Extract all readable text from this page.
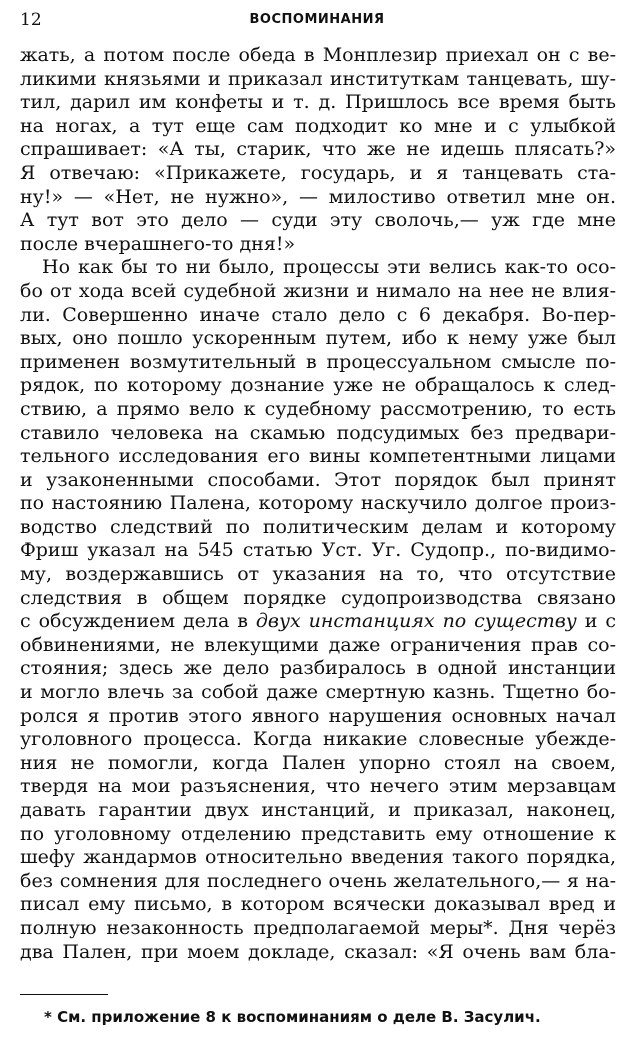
12	ВОСПОМИНАНИЯ
жать, а потом после обеда в Монплезир приехал он с ве-
ликими князьями и приказал институткам танцевать, шу-
тил, дарил им конфеты и т. д. Пришлось все время быть
на ногах, а тут еще сам подходит ко мне и с улыбкой
спрашивает: «А ты, старик, что же не идешь плясать?»
Я отвечаю: «Прикажете, государь, и я танцевать ста-
ну!» — «Нет, не нужно», — милостиво ответил мне он.
А тут вот это дело — суди эту сволочь,— уж где мне
после вчерашнего-то дня!»
Но как бы то ни было, процессы эти велись как-то осо-
бо от хода всей судебной жизни и нимало на нее не влия-
ли. Совершенно иначе стало дело с 6 декабря. Во-пер-
вых, оно пошло ускоренным путем, ибо к нему уже был
применен возмутительный в процессуальном смысле по-
рядок, по которому дознание уже не обращалось к след-
ствию, а прямо вело к судебному рассмотрению, то есть
ставило человека на скамью подсудимых без предвари-
тельного исследования его вины компетентными лицами
и узаконенными способами. Этот порядок был принят
по настоянию Палена, которому наскучило долгое произ-
водство следствий по политическим делам и которому
Фриш указал на 545 статью Уст. Уг. Судопр., по-видимо-
му, воздержавшись от указания на то, что отсутствие
следствия в общем порядке судопроизводства связано
с обсуждением дела в двух инстанциях по существу и с
обвинениями, не влекущими даже ограничения прав со-
стояния; здесь же дело разбиралось в одной инстанции
и могло влечь за собой даже смертную казнь. Тщетно бо-
ролся я против этого явного нарушения основных начал
уголовного процесса. Когда никакие словесные убежде-
ния не помогли, когда Пален упорно стоял на своем,
твердя на мои разъяснения, что нечего этим мерзавцам
давать гарантии двух инстанций, и приказал, наконец,
по уголовному отделению представить ему отношение к
шефу жандармов относительно введения такого порядка,
без сомнения для последнего очень желательного,— я на-
писал ему письмо, в котором всячески доказывал вред и
полную незаконность предполагаемой меры*. Дня черёз
два Пален, при моем докладе, сказал: «Я очень вам бла-
* См. приложение 8 к воспоминаниям о деле В. Засулич.
